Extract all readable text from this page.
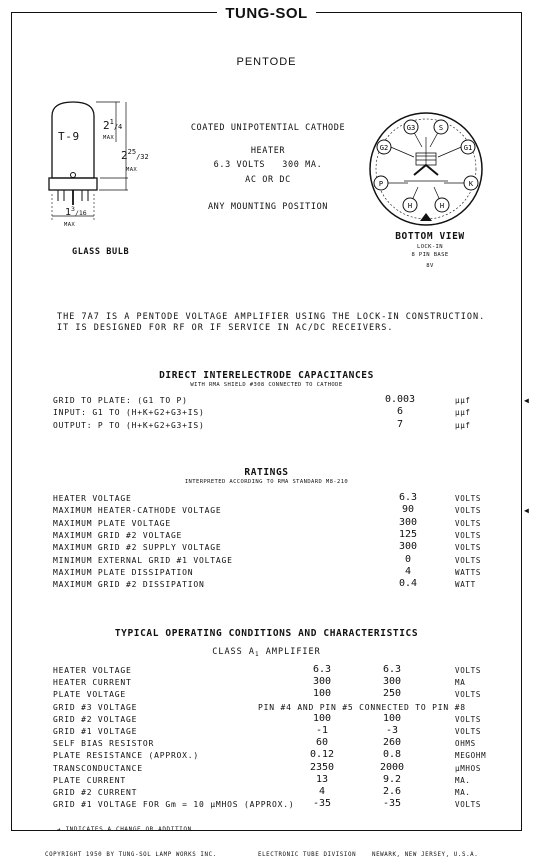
TUNG-SOL
PENTODE
T-9
$2^1/4$
MAX
$2^{25}/32$
MAX
$1^3/16$
MAX
GLASS BULB
COATED UNIPOTENTIAL CATHODE
HEATER
6.3 VOLTS   300 MA.
AC OR DC
ANY MOUNTING POSITION
G3	S
G2	G1
K
H
H
P
BOTTOM VIEW
LOCK-IN
8 PIN BASE
8V
THE 7A7 IS A PENTODE VOLTAGE AMPLIFIER USING THE LOCK-IN CONSTRUCTION.
IT IS DESIGNED FOR RF OR IF SERVICE IN AC/DC RECEIVERS.
DIRECT INTERELECTRODE CAPACITANCES
WITH RMA SHIELD #308 CONNECTED TO CATHODE
GRID TO PLATE: (G1 TO P)	0.003	μμf
INPUT: G1 TO (H+K+G2+G3+IS)	6	μμf
OUTPUT: P TO (H+K+G2+G3+IS)	7	μμf
◀
RATINGS
INTERPRETED ACCORDING TO RMA STANDARD M8-210
HEATER VOLTAGE	6.3	VOLTS
MAXIMUM HEATER-CATHODE VOLTAGE	90	VOLTS
MAXIMUM PLATE VOLTAGE	300	VOLTS
MAXIMUM GRID #2 VOLTAGE	125	VOLTS
MAXIMUM GRID #2 SUPPLY VOLTAGE	300	VOLTS
MINIMUM EXTERNAL GRID #1 VOLTAGE	0	VOLTS
MAXIMUM PLATE DISSIPATION	4	WATTS
MAXIMUM GRID #2 DISSIPATION	0.4	WATT
◀
TYPICAL OPERATING CONDITIONS AND CHARACTERISTICS
CLASS $A_1$ AMPLIFIER
HEATER VOLTAGE	6.3	6.3	VOLTS
HEATER CURRENT	300	300	MA
PLATE VOLTAGE	100	250	VOLTS
GRID #3 VOLTAGE	PIN #4 AND PIN #5 CONNECTED TO PIN #8
GRID #2 VOLTAGE	100	100	VOLTS
GRID #1 VOLTAGE	-1	-3	VOLTS
SELF BIAS RESISTOR	60	260	OHMS
PLATE RESISTANCE (APPROX.)	0.12	0.8	MEGOHM
TRANSCONDUCTANCE	2350	2000	μMHOS
PLATE CURRENT	13	9.2	MA.
GRID #2 CURRENT	4	2.6	MA.
GRID #1 VOLTAGE FOR Gm = 10 μMHOS (APPROX.)	-35	-35	VOLTS
➔ INDICATES A CHANGE OR ADDITION
COPYRIGHT 1950 BY TUNG-SOL LAMP WORKS INC.	ELECTRONIC TUBE DIVISION	NEWARK, NEW JERSEY, U.S.A.
